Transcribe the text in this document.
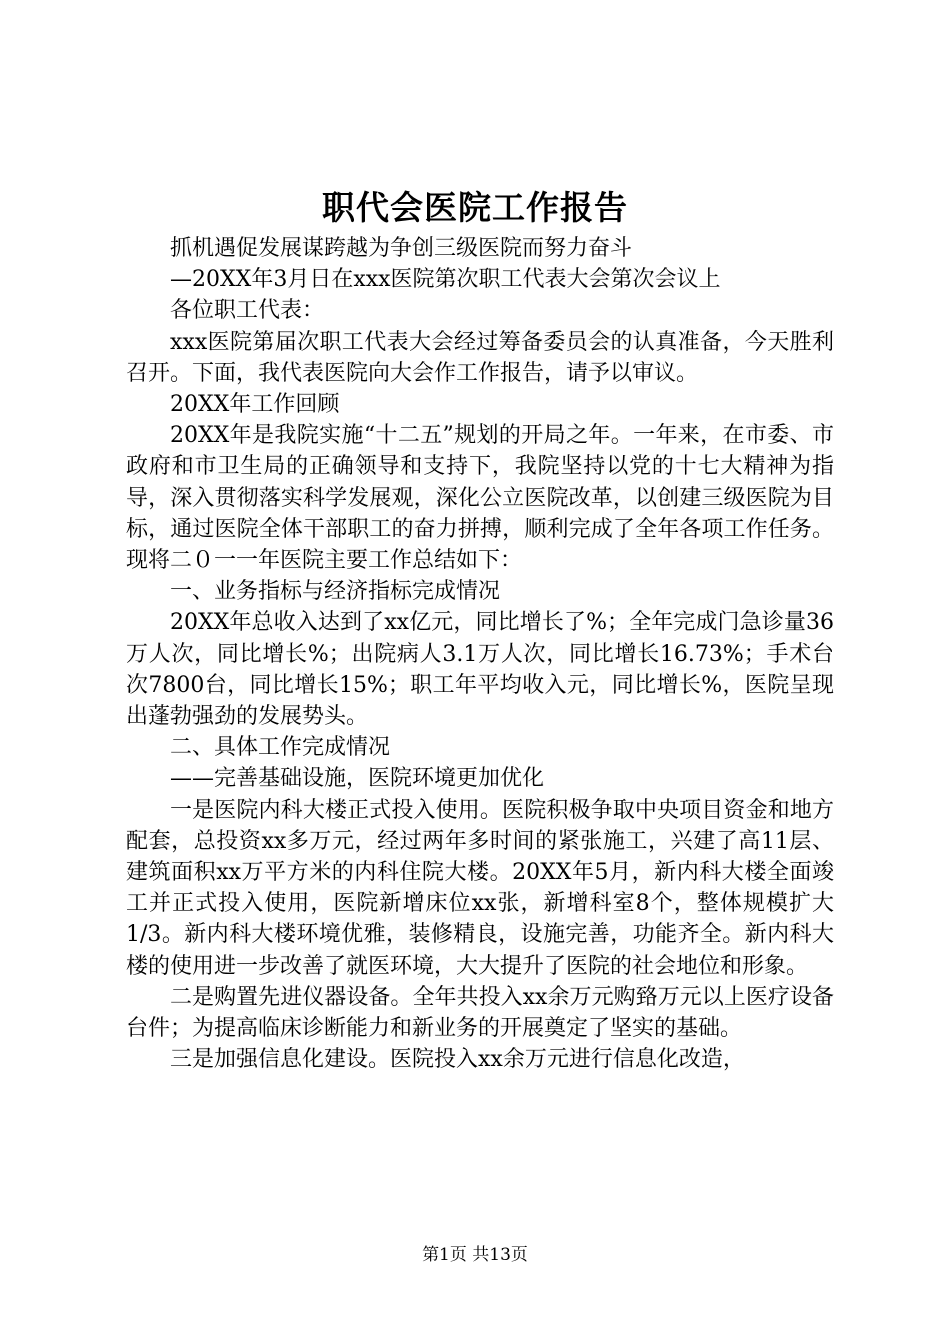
职代会医院工作报告

抓机遇促发展谋跨越为争创三级医院而努力奋斗

—20XX年3月日在xxx医院第次职工代表大会第次会议上

各位职工代表：

xxx医院第届次职工代表大会经过筹备委员会的认真准备，今天胜利召开。下面，我代表医院向大会作工作报告，请予以审议。

20XX年工作回顾

20XX年是我院实施“十二五”规划的开局之年。一年来，在市委、市政府和市卫生局的正确领导和支持下，我院坚持以党的十七大精神为指导，深入贯彻落实科学发展观，深化公立医院改革，以创建三级医院为目标，通过医院全体干部职工的奋力拼搏，顺利完成了全年各项工作任务。现将二０一一年医院主要工作总结如下：

一、业务指标与经济指标完成情况

20XX年总收入达到了xx亿元，同比增长了%；全年完成门急诊量36万人次，同比增长%；出院病人3.1万人次，同比增长16.73%；手术台次7800台，同比增长15%；职工年平均收入元，同比增长%，医院呈现出蓬勃强劲的发展势头。

二、具体工作完成情况

——完善基础设施，医院环境更加优化

一是医院内科大楼正式投入使用。医院积极争取中央项目资金和地方配套，总投资xx多万元，经过两年多时间的紧张施工，兴建了高11层、建筑面积xx万平方米的内科住院大楼。20XX年5月，新内科大楼全面竣工并正式投入使用，医院新增床位xx张，新增科室8个，整体规模扩大1/3。新内科大楼环境优雅，装修精良，设施完善，功能齐全。新内科大楼的使用进一步改善了就医环境，大大提升了医院的社会地位和形象。

二是购置先进仪器设备。全年共投入xx余万元购臵万元以上医疗设备台件；为提高临床诊断能力和新业务的开展奠定了坚实的基础。

三是加强信息化建设。医院投入xx余万元进行信息化改造，

第1页 共13页
